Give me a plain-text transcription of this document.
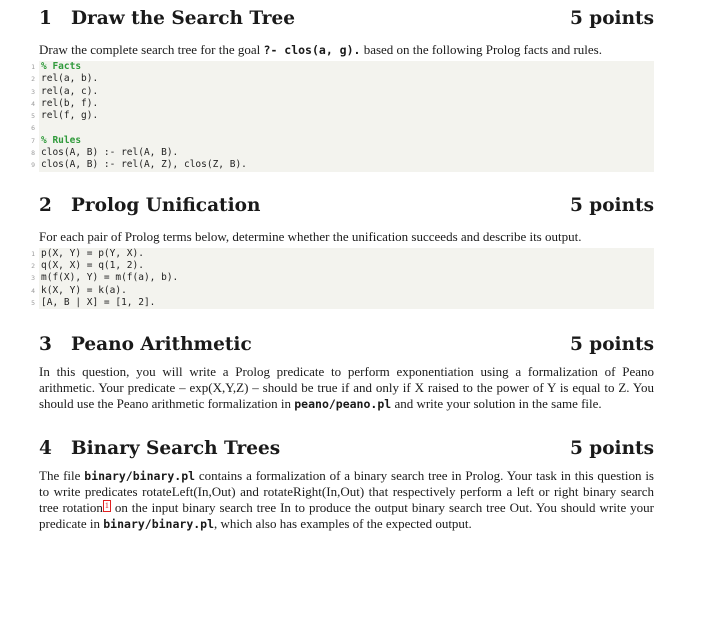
1 Draw the Search Tree	5 points
Draw the complete search tree for the goal ?- clos(a, g). based on the following Prolog facts and rules.
1 % Facts
2 rel(a, b).
3 rel(a, c).
4 rel(b, f).
5 rel(f, g).
6
7 % Rules
8 clos(A, B) :- rel(A, B).
9 clos(A, B) :- rel(A, Z), clos(Z, B).
2 Prolog Unification	5 points
For each pair of Prolog terms below, determine whether the unification succeeds and describe its output.
1 p(X, Y) = p(Y, X).
2 q(X, X) = q(1, 2).
3 m(f(X), Y) = m(f(a), b).
4 k(X, Y) = k(a).
5 [A, B | X] = [1, 2].
3 Peano Arithmetic	5 points
In this question, you will write a Prolog predicate to perform exponentiation using a formalization of Peano arithmetic. Your predicate – exp(X,Y,Z) – should be true if and only if X raised to the power of Y is equal to Z. You should use the Peano arithmetic formalization in peano/peano.pl and write your solution in the same file.
4 Binary Search Trees	5 points
The file binary/binary.pl contains a formalization of a binary search tree in Prolog. Your task in this question is to write predicates rotateLeft(In,Out) and rotateRight(In,Out) that respectively perform a left or right binary search tree rotation 1 on the input binary search tree In to produce the output binary search tree Out. You should write your predicate in binary/binary.pl, which also has examples of the expected output.
